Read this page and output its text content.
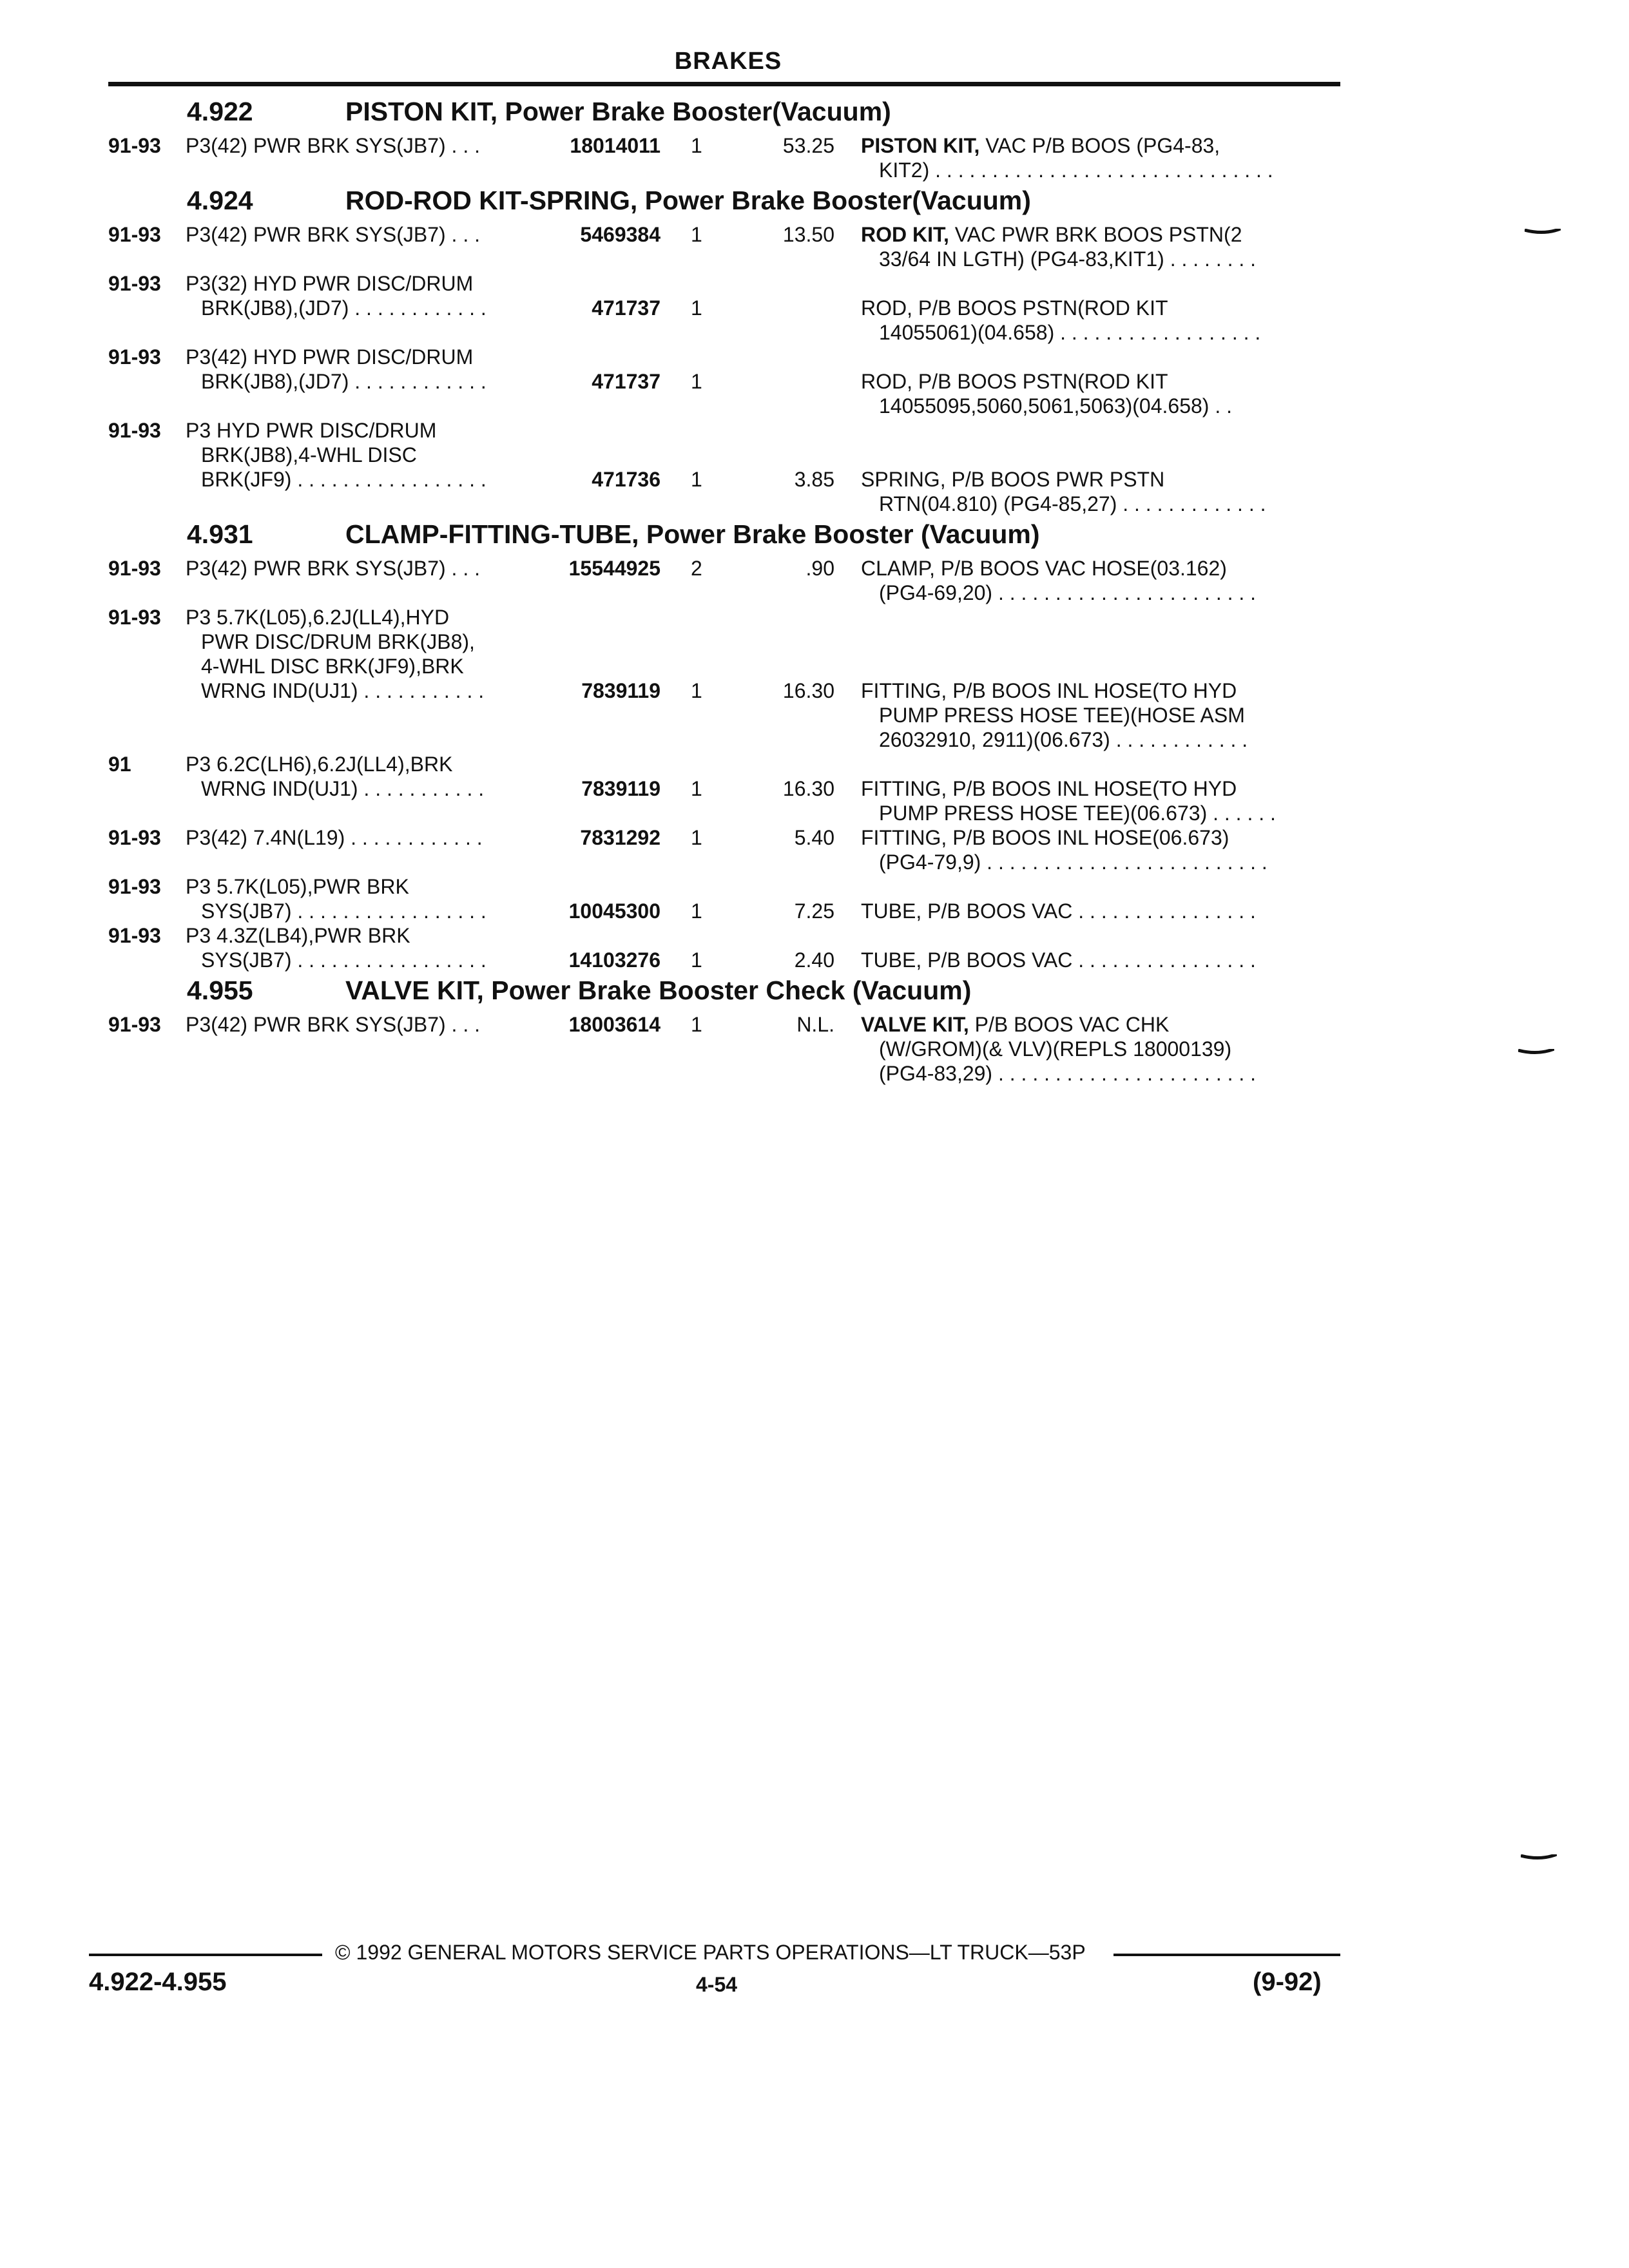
BRAKES
4.922	PISTON KIT, Power Brake Booster(Vacuum)
91-93 P3(42) PWR BRK SYS(JB7) . . .	18014011 1	53.25 PISTON KIT, VAC P/B BOOS (PG4-83,
KIT2) . . . . . . . . . . . . . . . . . . . . . . . . . . . . . .
4.924	ROD-ROD KIT-SPRING, Power Brake Booster(Vacuum)
91-93 P3(42) PWR BRK SYS(JB7) . . .	5469384 1	13.50 ROD KIT, VAC PWR BRK BOOS PSTN(2
33/64 IN LGTH) (PG4-83,KIT1) . . . . . . . .
91-93 P3(32) HYD PWR DISC/DRUM
BRK(JB8),(JD7) . . . . . . . . . . . .	471737 1	ROD, P/B BOOS PSTN(ROD KIT
14055061)(04.658) . . . . . . . . . . . . . . . . . .
91-93 P3(42) HYD PWR DISC/DRUM
BRK(JB8),(JD7) . . . . . . . . . . . .	471737 1	ROD, P/B BOOS PSTN(ROD KIT
14055095,5060,5061,5063)(04.658) . .
91-93 P3 HYD PWR DISC/DRUM
BRK(JB8),4-WHL DISC
BRK(JF9) . . . . . . . . . . . . . . . . .	471736 1	3.85 SPRING, P/B BOOS PWR PSTN
RTN(04.810) (PG4-85,27) . . . . . . . . . . . . .
4.931	CLAMP-FITTING-TUBE, Power Brake Booster (Vacuum)
91-93 P3(42) PWR BRK SYS(JB7) . . .	15544925 2	.90 CLAMP, P/B BOOS VAC HOSE(03.162)
(PG4-69,20) . . . . . . . . . . . . . . . . . . . . . . .
91-93 P3 5.7K(L05),6.2J(LL4),HYD
PWR DISC/DRUM BRK(JB8),
4-WHL DISC BRK(JF9),BRK
WRNG IND(UJ1) . . . . . . . . . . .	7839119 1	16.30 FITTING, P/B BOOS INL HOSE(TO HYD
PUMP PRESS HOSE TEE)(HOSE ASM
26032910, 2911)(06.673) . . . . . . . . . . . .
91	P3 6.2C(LH6),6.2J(LL4),BRK
WRNG IND(UJ1) . . . . . . . . . . .	7839119 1	16.30 FITTING, P/B BOOS INL HOSE(TO HYD
PUMP PRESS HOSE TEE)(06.673) . . . . . .
91-93 P3(42) 7.4N(L19) . . . . . . . . . . . .	7831292 1	5.40 FITTING, P/B BOOS INL HOSE(06.673)
(PG4-79,9) . . . . . . . . . . . . . . . . . . . . . . . . .
91-93 P3 5.7K(L05),PWR BRK
SYS(JB7) . . . . . . . . . . . . . . . . .	10045300 1	7.25 TUBE, P/B BOOS VAC . . . . . . . . . . . . . . . .
91-93 P3 4.3Z(LB4),PWR BRK
SYS(JB7) . . . . . . . . . . . . . . . . .	14103276 1	2.40 TUBE, P/B BOOS VAC . . . . . . . . . . . . . . . .
4.955	VALVE KIT, Power Brake Booster Check (Vacuum)
91-93 P3(42) PWR BRK SYS(JB7) . . .	18003614 1	N.L. VALVE KIT, P/B BOOS VAC CHK
(W/GROM)(& VLV)(REPLS 18000139)
(PG4-83,29) . . . . . . . . . . . . . . . . . . . . . . .
© 1992 GENERAL MOTORS SERVICE PARTS OPERATIONS—LT TRUCK—53P
4.922-4.955	4-54	(9-92)
